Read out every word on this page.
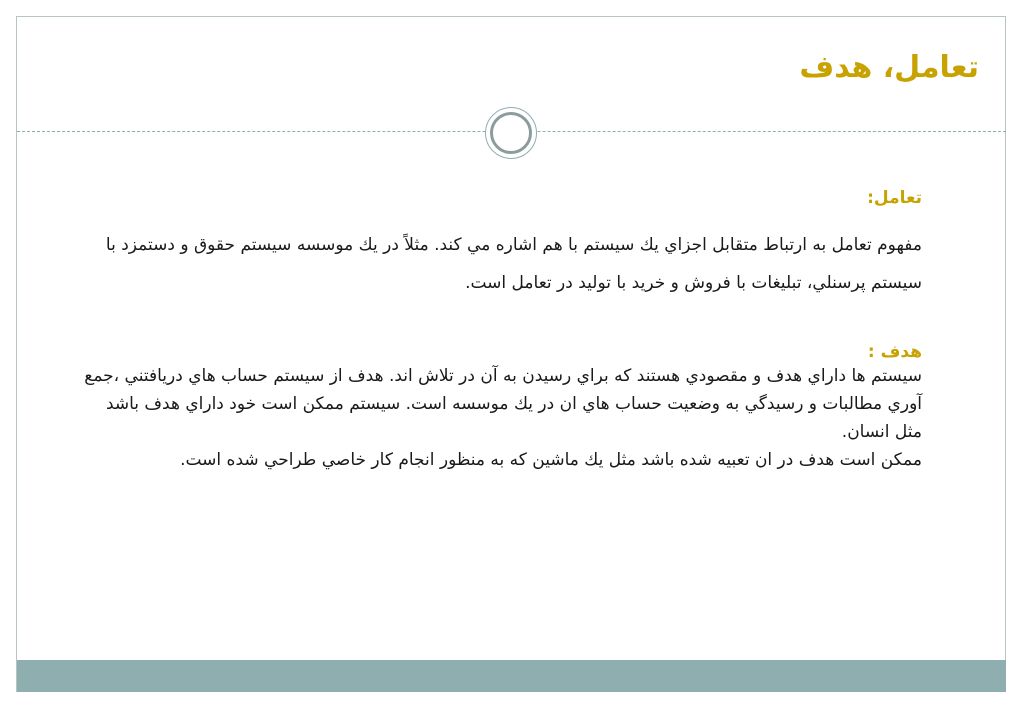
تعامل، هدف
تعامل:
مفهوم تعامل به ارتباط متقابل اجزاي يك سيستم با هم اشاره مي كند. مثلاً در يك موسسه سيستم حقوق و دستمزد با سيستم پرسنلي، تبليغات با فروش و خريد با توليد در تعامل است.
هدف :
سيستم ها داراي هدف و مقصودي هستند كه براي رسيدن به آن در تلاش اند. هدف از سيستم حساب هاي دريافتني ،جمع آوري مطالبات و رسيدگي به وضعيت حساب هاي ان در يك موسسه است. سيستم ممكن است خود داراي هدف باشد مثل انسان.
ممكن است هدف در ان تعبيه شده باشد مثل يك ماشين كه به منظور انجام كار خاصي طراحي شده است.
